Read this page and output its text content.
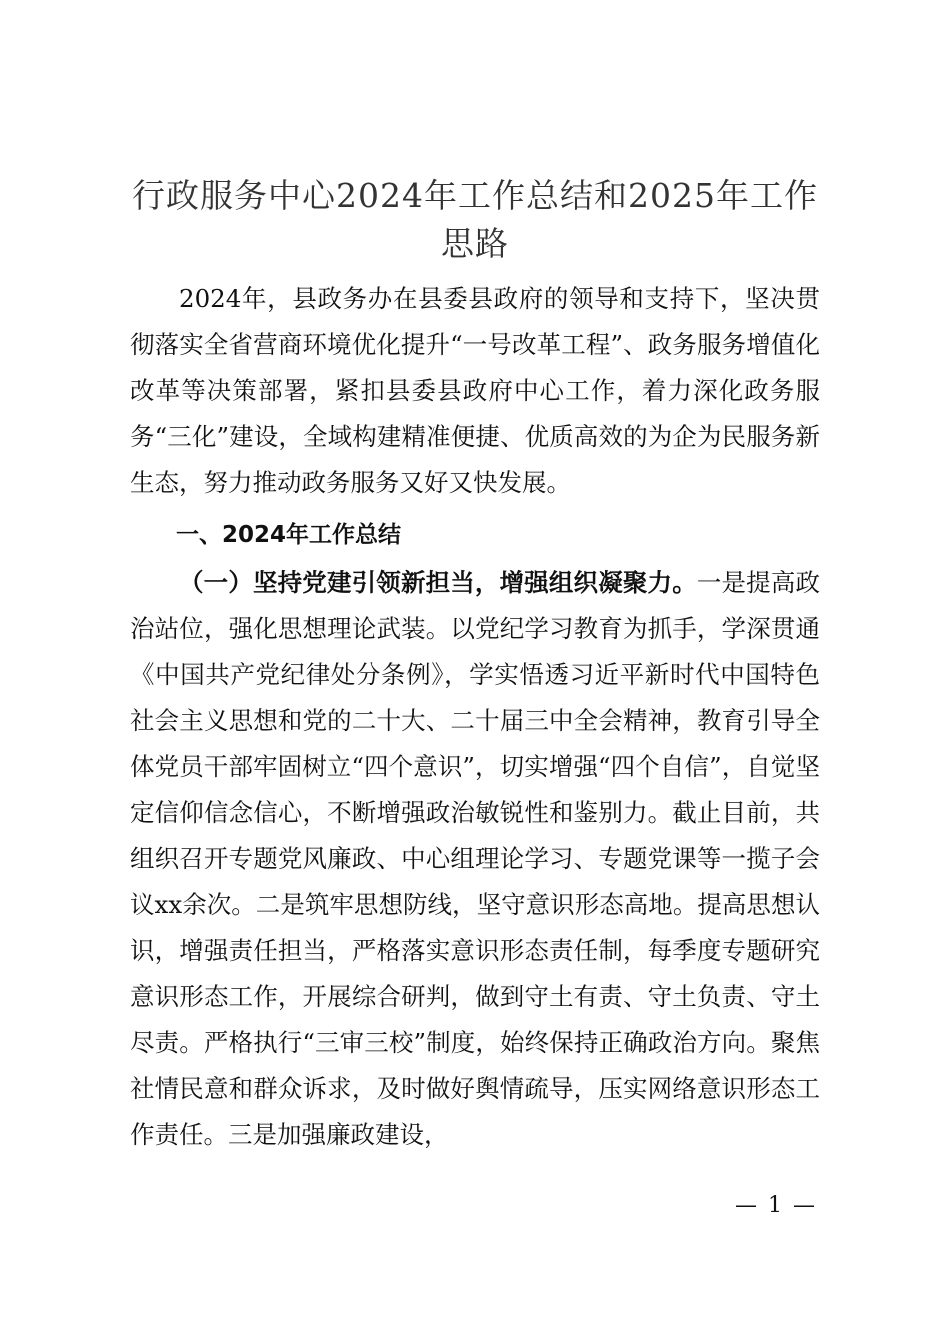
行政服务中心2024年工作总结和2025年工作
思路

2024年，县政务办在县委县政府的领导和支持下，坚决贯彻落实全省营商环境优化提升“一号改革工程”、政务服务增值化改革等决策部署，紧扣县委县政府中心工作，着力深化政务服务“三化”建设，全域构建精准便捷、优质高效的为企为民服务新生态，努力推动政务服务又好又快发展。

一、2024年工作总结

（一）坚持党建引领新担当，增强组织凝聚力。一是提高政治站位，强化思想理论武装。以党纪学习教育为抓手，学深贯通《中国共产党纪律处分条例》，学实悟透习近平新时代中国特色社会主义思想和党的二十大、二十届三中全会精神，教育引导全体党员干部牢固树立“四个意识”，切实增强“四个自信”，自觉坚定信仰信念信心，不断增强政治敏锐性和鉴别力。截止目前，共组织召开专题党风廉政、中心组理论学习、专题党课等一揽子会议xx余次。二是筑牢思想防线，坚守意识形态高地。提高思想认识，增强责任担当，严格落实意识形态责任制，每季度专题研究意识形态工作，开展综合研判，做到守土有责、守土负责、守土尽责。严格执行“三审三校”制度，始终保持正确政治方向。聚焦社情民意和群众诉求，及时做好舆情疏导，压实网络意识形态工作责任。三是加强廉政建设，

— 1 —
